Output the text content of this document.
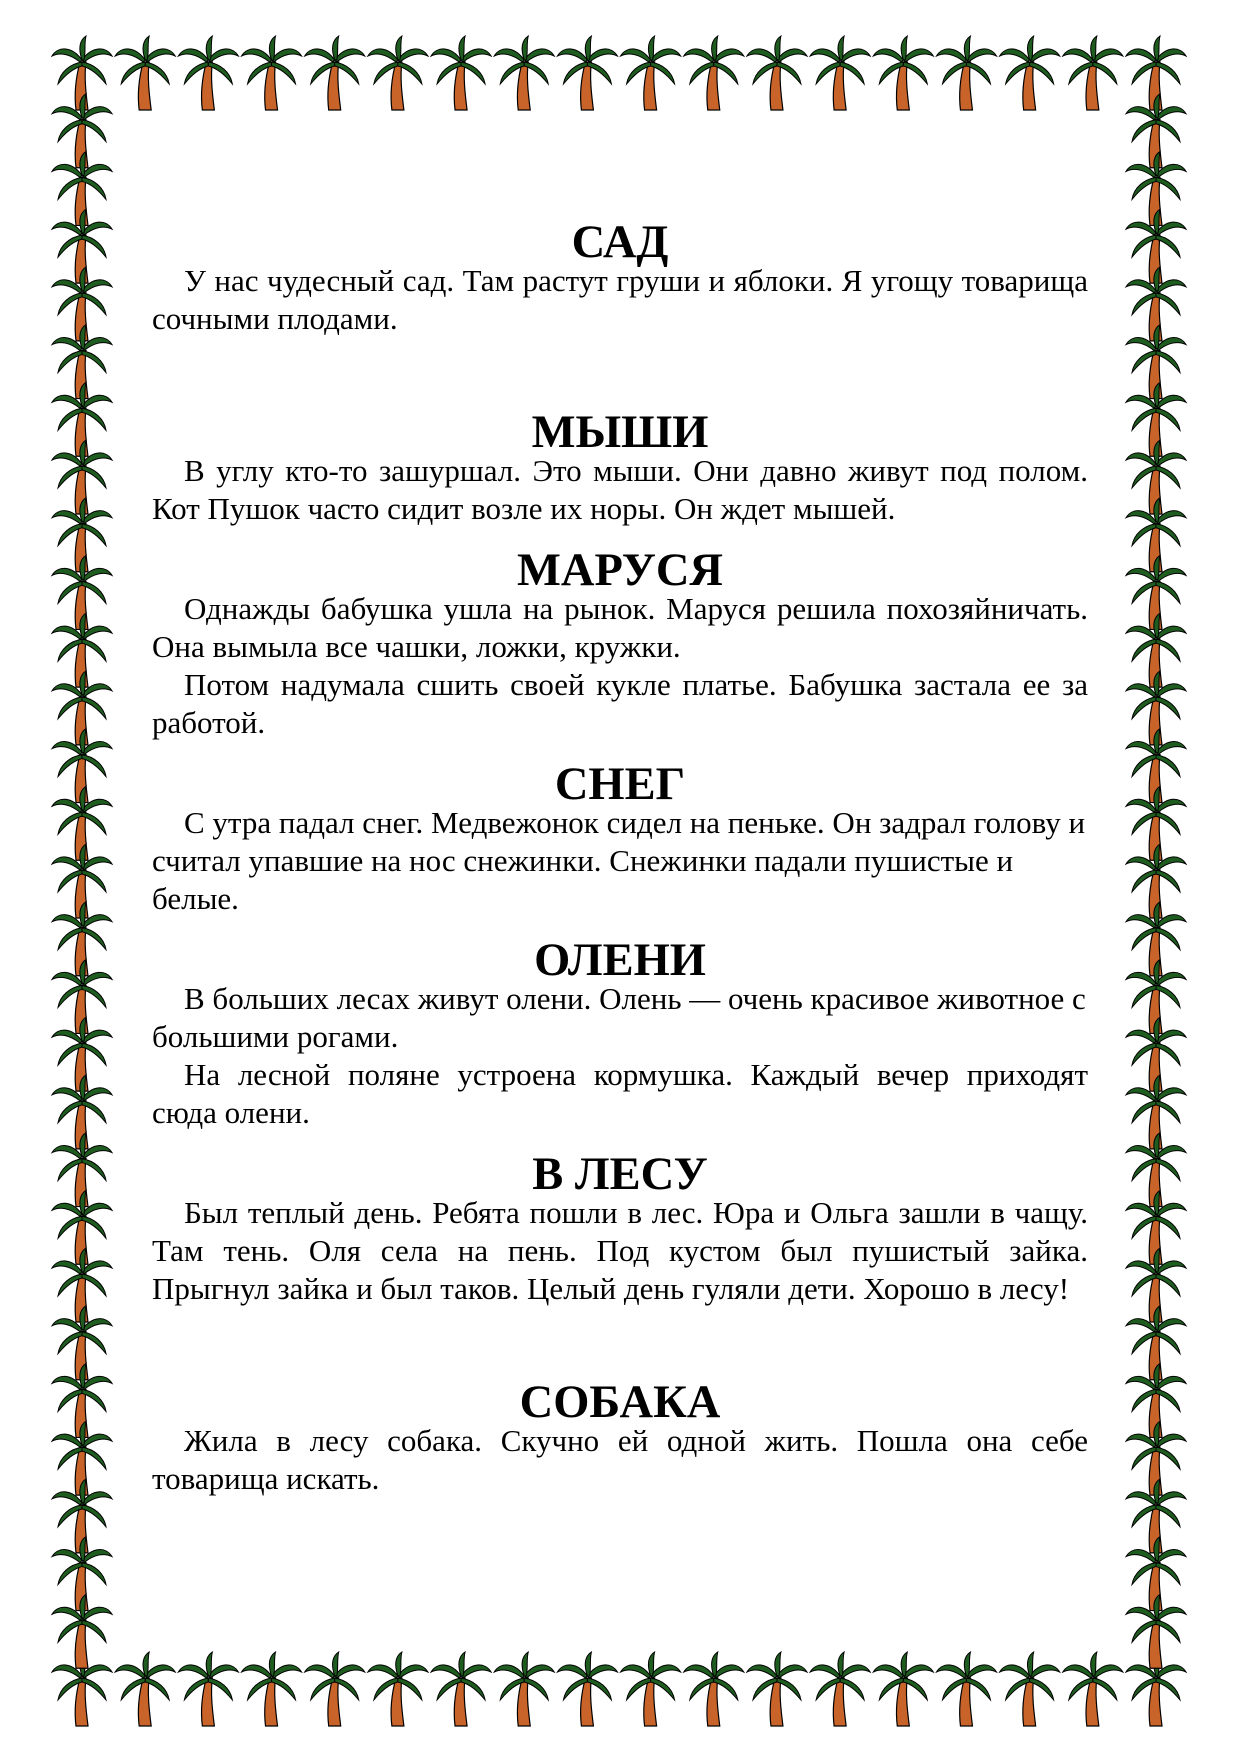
САД

У нас чудесный сад. Там растут груши и яблоки. Я угощу товарища сочными плодами.

МЫШИ

В углу кто-то зашуршал. Это мыши. Они давно живут под полом. Кот Пушок часто сидит возле их норы. Он ждет мышей.

МАРУСЯ

Однажды бабушка ушла на рынок. Маруся решила похозяйничать. Она вымыла все чашки, ложки, кружки.

Потом надумала сшить своей кукле платье. Бабушка застала ее за работой.

СНЕГ

С утра падал снег. Медвежонок сидел на пеньке. Он задрал голову и считал упавшие на нос снежинки. Снежинки падали пушистые и белые.

ОЛЕНИ

В больших лесах живут олени. Олень — очень красивое животное с большими рогами.

На лесной поляне устроена кормушка. Каждый вечер приходят сюда олени.

В ЛЕСУ

Был теплый день. Ребята пошли в лес. Юра и Ольга зашли в чащу. Там тень. Оля села на пень. Под кустом был пушистый зайка. Прыгнул зайка и был таков. Целый день гуляли дети. Хорошо в лесу!

СОБАКА

Жила в лесу собака. Скучно ей одной жить. Пошла она себе товарища искать.
